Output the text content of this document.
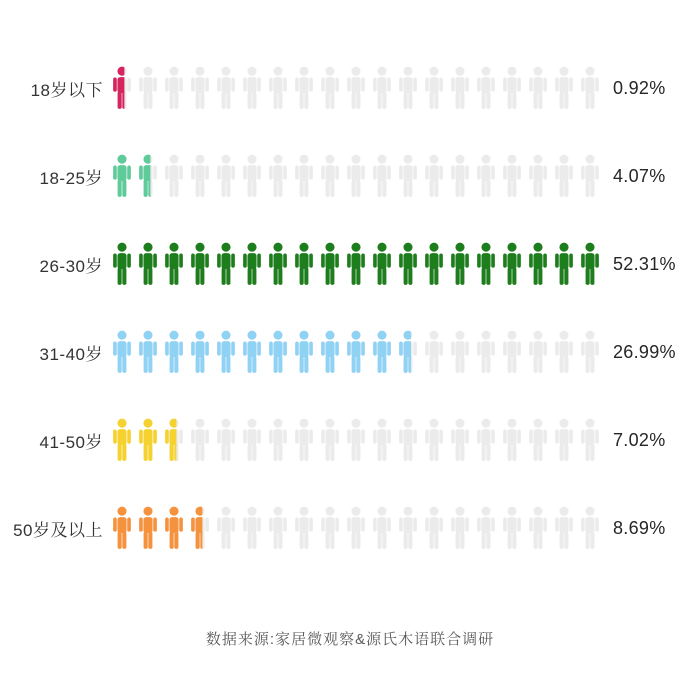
18岁以下	0.92%
18-25岁	4.07%
26-30岁	52.31%
31-40岁	26.99%
41-50岁	7.02%
50岁及以上	8.69%
数据来源:家居微观察&源氏木语联合调研
